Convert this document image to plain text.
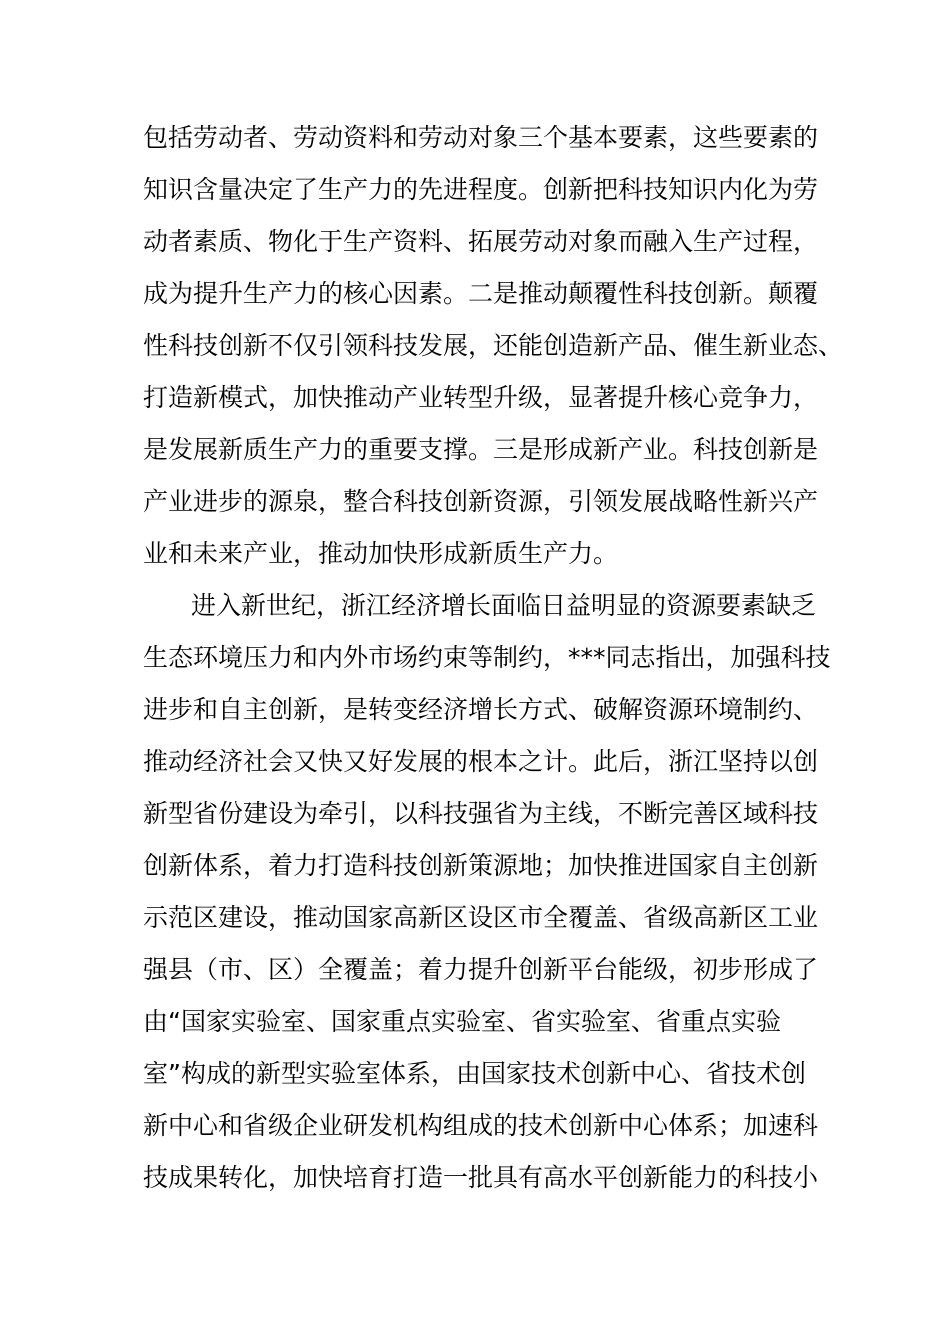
包括劳动者、劳动资料和劳动对象三个基本要素，这些要素的
知识含量决定了生产力的先进程度。创新把科技知识内化为劳
动者素质、物化于生产资料、拓展劳动对象而融入生产过程，
成为提升生产力的核心因素。二是推动颠覆性科技创新。颠覆
性科技创新不仅引领科技发展，还能创造新产品、催生新业态、
打造新模式，加快推动产业转型升级，显著提升核心竞争力，
是发展新质生产力的重要支撑。三是形成新产业。科技创新是
产业进步的源泉，整合科技创新资源，引领发展战略性新兴产
业和未来产业，推动加快形成新质生产力。
进入新世纪，浙江经济增长面临日益明显的资源要素缺乏
生态环境压力和内外市场约束等制约，***同志指出，加强科技
进步和自主创新，是转变经济增长方式、破解资源环境制约、
推动经济社会又快又好发展的根本之计。此后，浙江坚持以创
新型省份建设为牵引，以科技强省为主线，不断完善区域科技
创新体系，着力打造科技创新策源地；加快推进国家自主创新
示范区建设，推动国家高新区设区市全覆盖、省级高新区工业
强县（市、区）全覆盖；着力提升创新平台能级，初步形成了
由“国家实验室、国家重点实验室、省实验室、省重点实验
室”构成的新型实验室体系，由国家技术创新中心、省技术创
新中心和省级企业研发机构组成的技术创新中心体系；加速科
技成果转化，加快培育打造一批具有高水平创新能力的科技小
